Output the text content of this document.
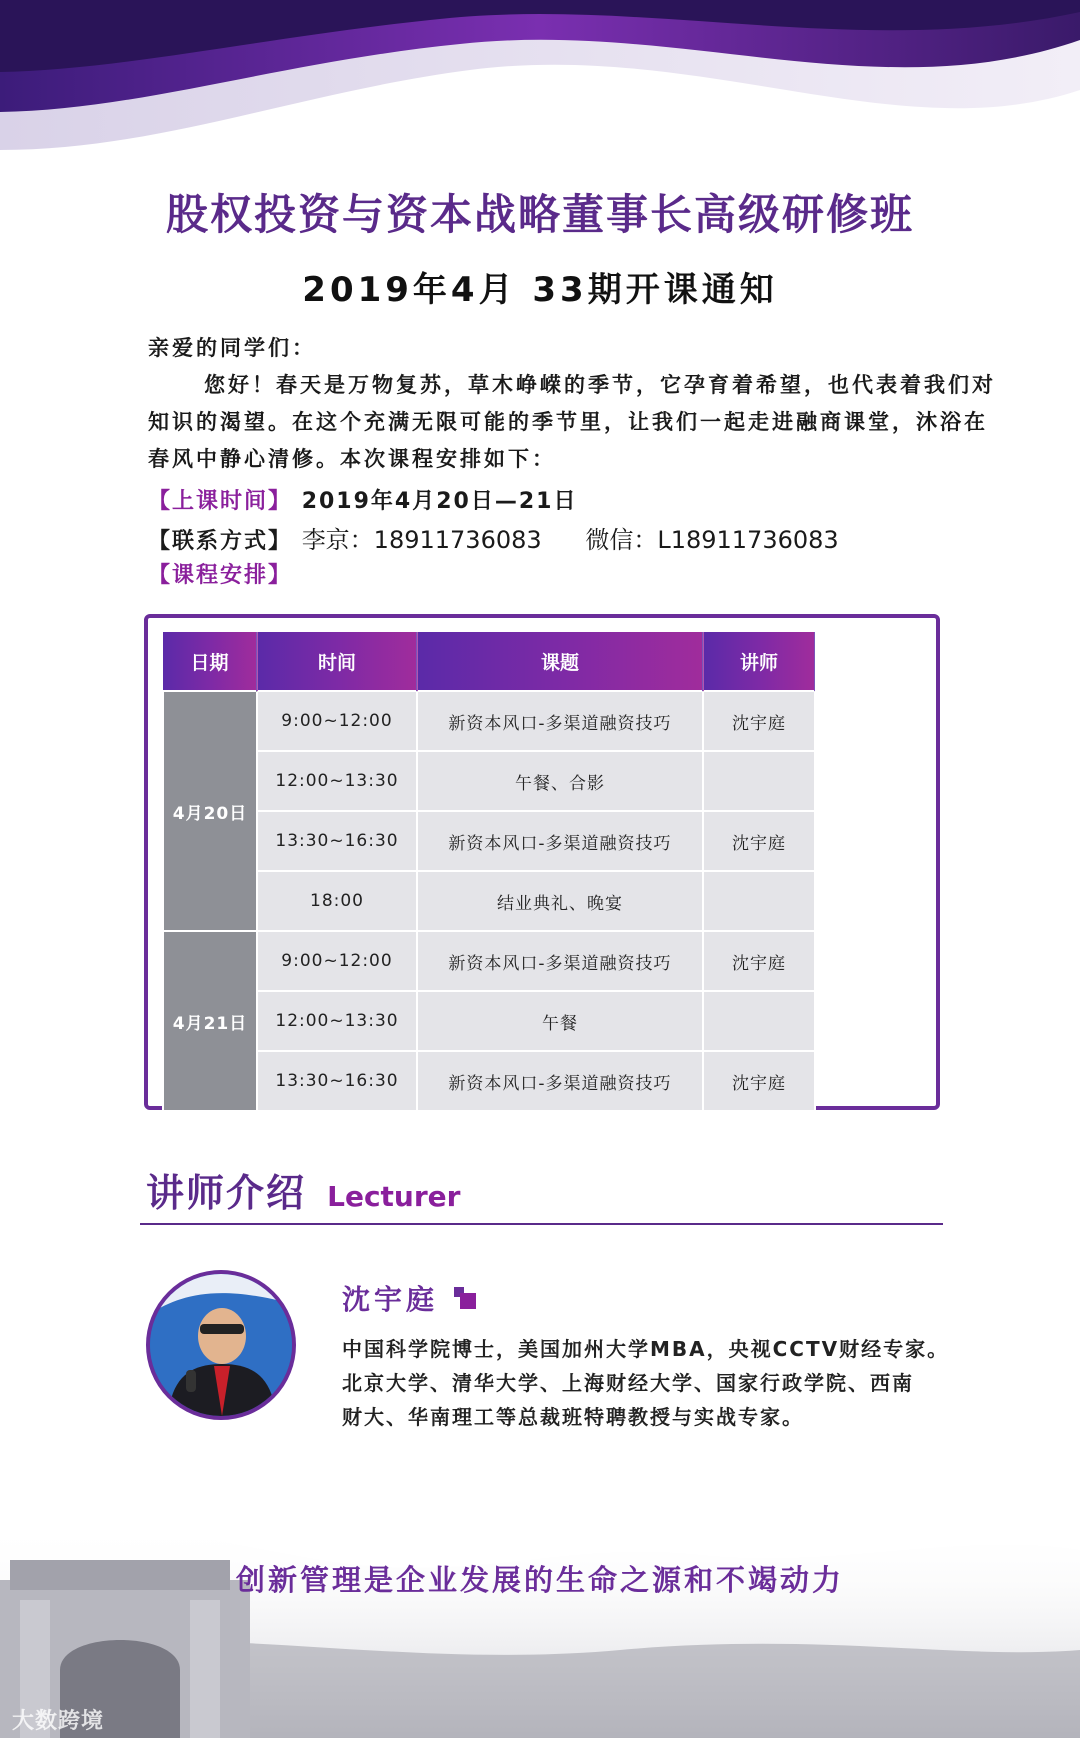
股权投资与资本战略董事长高级研修班
2019年4月 33期开课通知
亲爱的同学们：
您好！春天是万物复苏，草木峥嵘的季节，它孕育着希望，也代表着我们对知识的渴望。在这个充满无限可能的季节里，让我们一起走进融商课堂，沐浴在春风中静心清修。本次课程安排如下：
【上课时间】 2019年4月20日—21日
【联系方式】 李京：18911736083 微信：L18911736083
【课程安排】
日期	时间	课题	讲师
4月20日	9:00~12:00	新资本风口-多渠道融资技巧	沈宇庭
	12:00~13:30	午餐、合影	
	13:30~16:30	新资本风口-多渠道融资技巧	沈宇庭
	18:00	结业典礼、晚宴	
4月21日	9:00~12:00	新资本风口-多渠道融资技巧	沈宇庭
	12:00~13:30	午餐	
	13:30~16:30	新资本风口-多渠道融资技巧	沈宇庭
讲师介绍 Lecturer
沈宇庭
中国科学院博士，美国加州大学MBA，央视CCTV财经专家。
北京大学、清华大学、上海财经大学、国家行政学院、西南
财大、华南理工等总裁班特聘教授与实战专家。
创新管理是企业发展的生命之源和不竭动力
大数跨境
